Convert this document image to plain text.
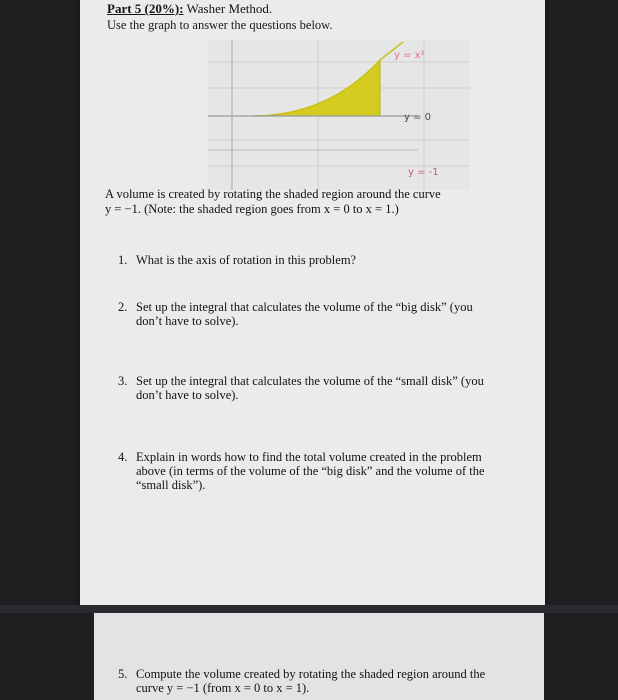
Part 5 (20%): Washer Method.
Use the graph to answer the questions below.
y = x²
y = 0
y = -1
A volume is created by rotating the shaded region around the curve
y = −1. (Note: the shaded region goes from x = 0 to x = 1.)
1. What is the axis of rotation in this problem?
2. Set up the integral that calculates the volume of the “big disk” (you don’t have to solve).
3. Set up the integral that calculates the volume of the “small disk” (you don’t have to solve).
4. Explain in words how to find the total volume created in the problem above (in terms of the volume of the “big disk” and the volume of the “small disk”).
5. Compute the volume created by rotating the shaded region around the curve y = −1 (from x = 0 to x = 1).
